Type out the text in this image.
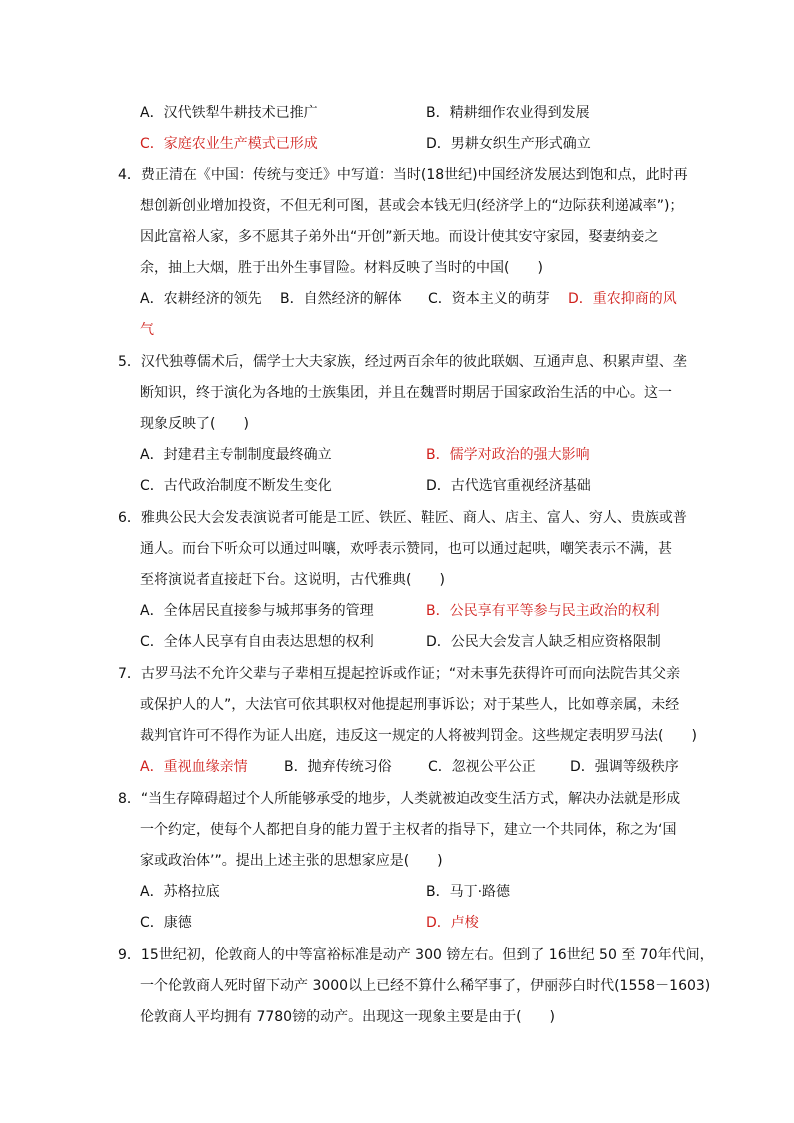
A．汉代铁犁牛耕技术已推广	B．精耕细作农业得到发展
C．家庭农业生产模式已形成	D．男耕女织生产形式确立
4．费正清在《中国：传统与变迁》中写道：当时(18世纪)中国经济发展达到饱和点，此时再
想创新创业增加投资，不但无利可图，甚或会本钱无归(经济学上的“边际获利递减率”)；
因此富裕人家，多不愿其子弟外出“开创”新天地。而设计使其安守家园，娶妻纳妾之
余，抽上大烟，胜于出外生事冒险。材料反映了当时的中国(　　)
A．农耕经济的领先 B．自然经济的解体 C．资本主义的萌芽 D．重农抑商的风
气
5．汉代独尊儒术后，儒学士大夫家族，经过两百余年的彼此联姻、互通声息、积累声望、垄
断知识，终于演化为各地的士族集团，并且在魏晋时期居于国家政治生活的中心。这一
现象反映了(　　)
A．封建君主专制制度最终确立	B．儒学对政治的强大影响
C．古代政治制度不断发生变化	D．古代选官重视经济基础
6．雅典公民大会发表演说者可能是工匠、铁匠、鞋匠、商人、店主、富人、穷人、贵族或普
通人。而台下听众可以通过叫嚷，欢呼表示赞同，也可以通过起哄，嘲笑表示不满，甚
至将演说者直接赶下台。这说明，古代雅典(　　)
A．全体居民直接参与城邦事务的管理	B．公民享有平等参与民主政治的权利
C．全体人民享有自由表达思想的权利	D．公民大会发言人缺乏相应资格限制
7．古罗马法不允许父辈与子辈相互提起控诉或作证；“对未事先获得许可而向法院告其父亲
或保护人的人”，大法官可依其职权对他提起刑事诉讼；对于某些人，比如尊亲属，未经
裁判官许可不得作为证人出庭，违反这一规定的人将被判罚金。这些规定表明罗马法(　　)
A．重视血缘亲情	B．抛弃传统习俗	C．忽视公平公正 D．强调等级秩序
8．“当生存障碍超过个人所能够承受的地步，人类就被迫改变生活方式，解决办法就是形成
一个约定，使每个人都把自身的能力置于主权者的指导下，建立一个共同体，称之为‘国
家或政治体’”。提出上述主张的思想家应是(　　)
A．苏格拉底	B．马丁·路德
C．康德	D．卢梭
9．15世纪初，伦敦商人的中等富裕标准是动产 300 镑左右。但到了 16世纪 50 至 70年代间，
一个伦敦商人死时留下动产 3000以上已经不算什么稀罕事了，伊丽莎白时代(1558－1603)
伦敦商人平均拥有 7780镑的动产。出现这一现象主要是由于(　　)
